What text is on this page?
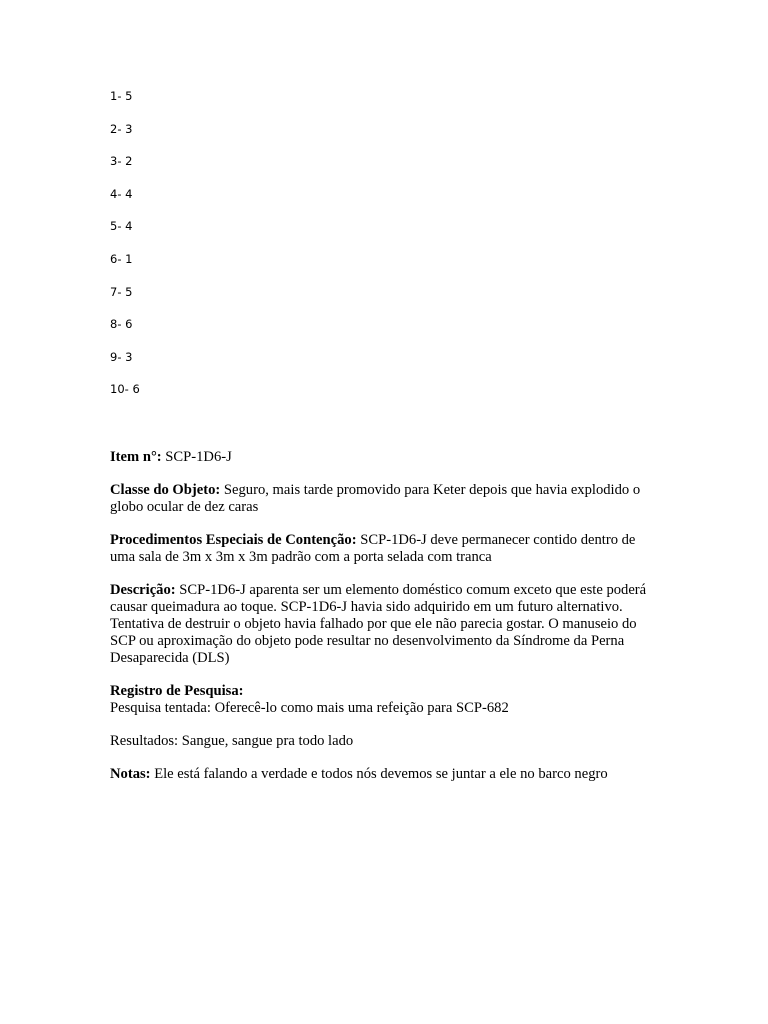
1- 5
2- 3
3- 2
4- 4
5- 4
6- 1
7- 5
8- 6
9- 3
10- 6

Item n°: SCP-1D6-J

Classe do Objeto: Seguro, mais tarde promovido para Keter depois que havia explodido o globo ocular de dez caras

Procedimentos Especiais de Contenção: SCP-1D6-J deve permanecer contido dentro de uma sala de 3m x 3m x 3m padrão com a porta selada com tranca

Descrição: SCP-1D6-J aparenta ser um elemento doméstico comum exceto que este poderá causar queimadura ao toque. SCP-1D6-J havia sido adquirido em um futuro alternativo. Tentativa de destruir o objeto havia falhado por que ele não parecia gostar. O manuseio do SCP ou aproximação do objeto pode resultar no desenvolvimento da Síndrome da Perna Desaparecida (DLS)

Registro de Pesquisa:

Pesquisa tentada: Oferecê-lo como mais uma refeição para SCP-682

Resultados: Sangue, sangue pra todo lado

Notas: Ele está falando a verdade e todos nós devemos se juntar a ele no barco negro
